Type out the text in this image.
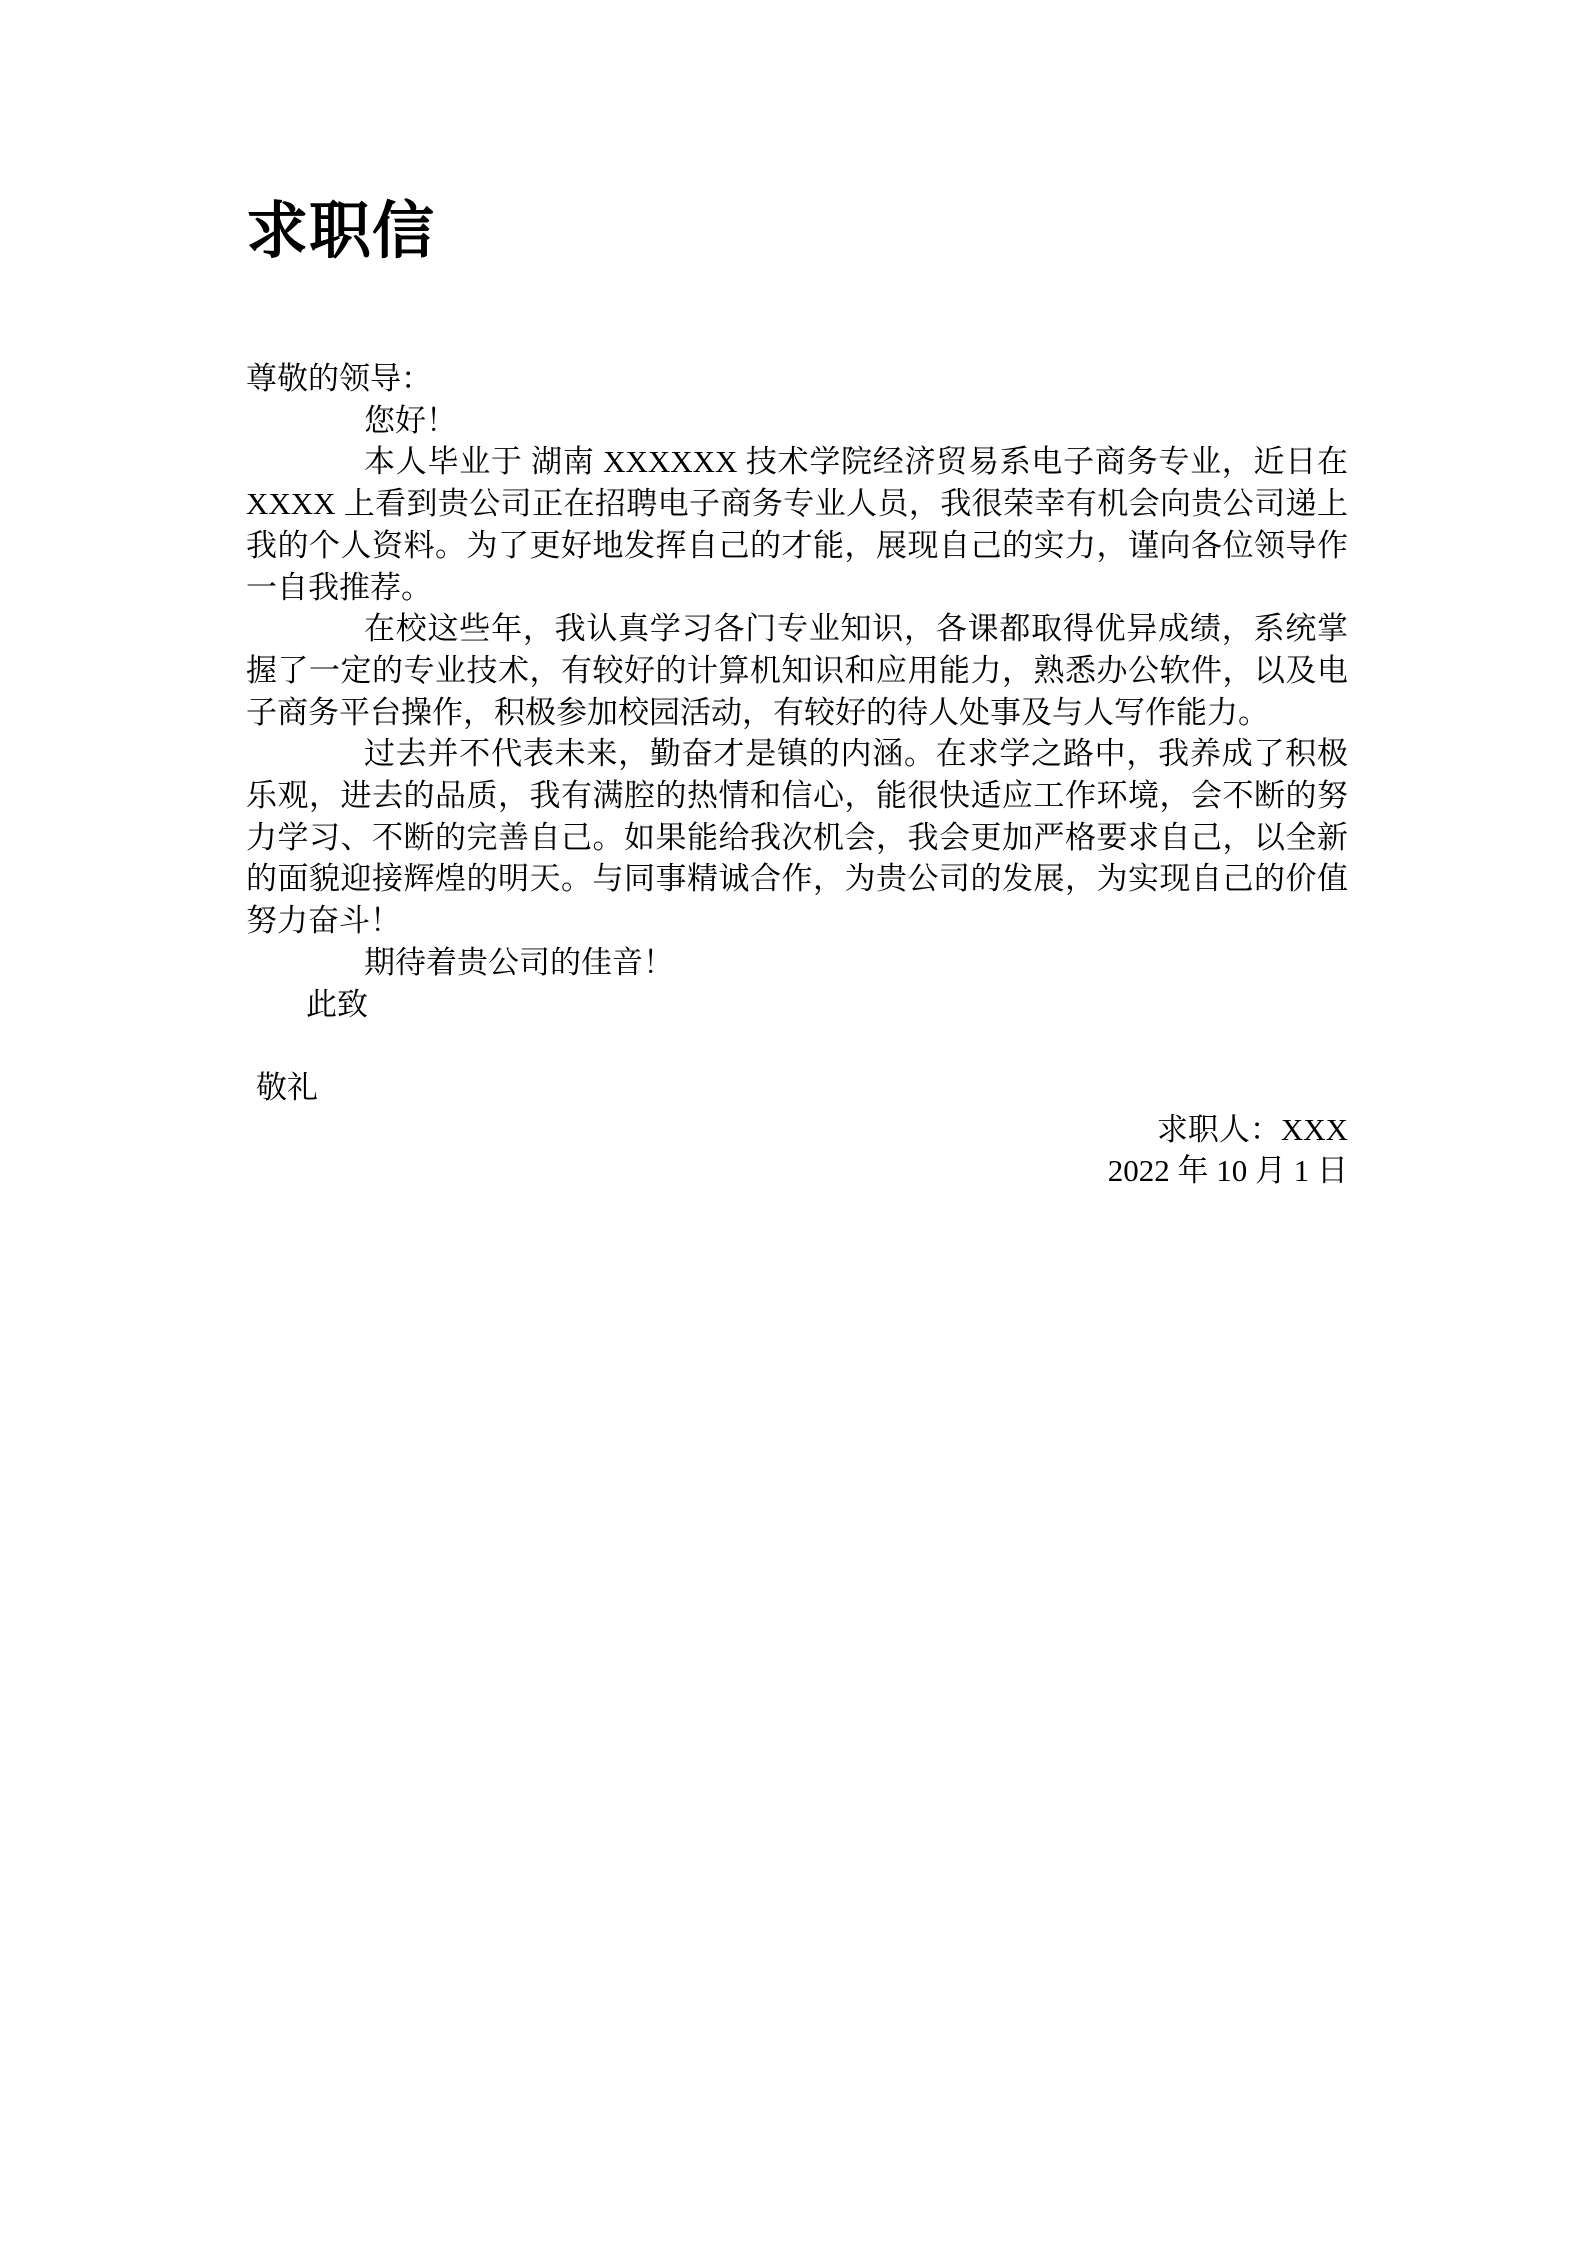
求职信

尊敬的领导：

您好！

本人毕业于 湖南 XXXXXX 技术学院经济贸易系电子商务专业，近日在 XXXX 上看到贵公司正在招聘电子商务专业人员，我很荣幸有机会向贵公司递上我的个人资料。为了更好地发挥自己的才能，展现自己的实力，谨向各位领导作一自我推荐。

在校这些年，我认真学习各门专业知识，各课都取得优异成绩，系统掌握了一定的专业技术，有较好的计算机知识和应用能力，熟悉办公软件，以及电子商务平台操作，积极参加校园活动，有较好的待人处事及与人写作能力。

过去并不代表未来，勤奋才是镇的内涵。在求学之路中，我养成了积极乐观，进去的品质，我有满腔的热情和信心，能很快适应工作环境，会不断的努力学习、不断的完善自己。如果能给我次机会，我会更加严格要求自己，以全新的面貌迎接辉煌的明天。与同事精诚合作，为贵公司的发展，为实现自己的价值努力奋斗！

期待着贵公司的佳音！

此致

敬礼

求职人：XXX

2022 年 10 月 1 日
